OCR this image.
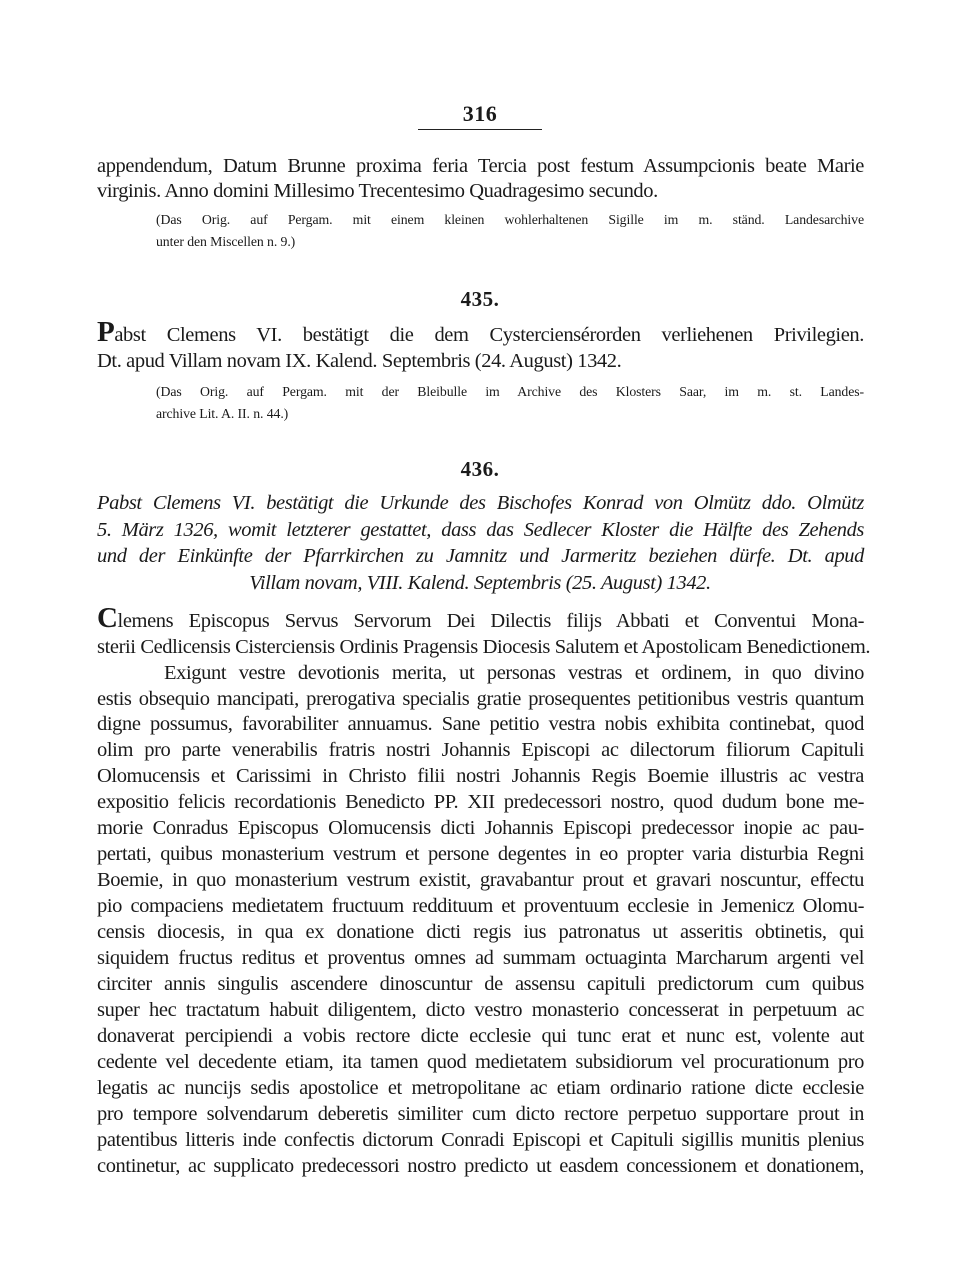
316
appendendum, Datum Brunne proxima feria Tercia post festum Assumpcionis beate Marie
virginis. Anno domini Millesimo Trecentesimo Quadragesimo secundo.
(Das Orig. auf Pergam. mit einem kleinen wohlerhaltenen Sigille im m. ständ. Landesarchive
unter den Miscellen n. 9.)
435.
Pabst Clemens VI. bestätigt die dem Cysterciensérorden verliehenen Privilegien.
Dt. apud Villam novam IX. Kalend. Septembris (24. August) 1342.
(Das Orig. auf Pergam. mit der Bleibulle im Archive des Klosters Saar, im m. st. Landes-
archive Lit. A. II. n. 44.)
436.
Pabst Clemens VI. bestätigt die Urkunde des Bischofes Konrad von Olmütz ddo. Olmütz
5. März 1326, womit letzterer gestattet, dass das Sedlecer Kloster die Hälfte des Zehends
und der Einkünfte der Pfarrkirchen zu Jamnitz und Jarmeritz beziehen dürfe. Dt. apud
Villam novam, VIII. Kalend. Septembris (25. August) 1342.
Clemens Episcopus Servus Servorum Dei Dilectis filijs Abbati et Conventui Mona-
sterii Cedlicensis Cisterciensis Ordinis Pragensis Diocesis Salutem et Apostolicam Benedictionem.
Exigunt vestre devotionis merita, ut personas vestras et ordinem, in quo divino
estis obsequio mancipati, prerogativa specialis gratie prosequentes petitionibus vestris quantum
digne possumus, favorabiliter annuamus. Sane petitio vestra nobis exhibita continebat, quod
olim pro parte venerabilis fratris nostri Johannis Episcopi ac dilectorum filiorum Capituli
Olomucensis et Carissimi in Christo filii nostri Johannis Regis Boemie illustris ac vestra
expositio felicis recordationis Benedicto PP. XII predecessori nostro, quod dudum bone me-
morie Conradus Episcopus Olomucensis dicti Johannis Episcopi predecessor inopie ac pau-
pertati, quibus monasterium vestrum et persone degentes in eo propter varia disturbia Regni
Boemie, in quo monasterium vestrum existit, gravabantur prout et gravari noscuntur, effectu
pio compaciens medietatem fructuum reddituum et proventuum ecclesie in Jemenicz Olomu-
censis diocesis, in qua ex donatione dicti regis ius patronatus ut asseritis obtinetis, qui
siquidem fructus reditus et proventus omnes ad summam octuaginta Marcharum argenti vel
circiter annis singulis ascendere dinoscuntur de assensu capituli predictorum cum quibus
super hec tractatum habuit diligentem, dicto vestro monasterio concesserat in perpetuum ac
donaverat percipiendi a vobis rectore dicte ecclesie qui tunc erat et nunc est, volente aut
cedente vel decedente etiam, ita tamen quod medietatem subsidiorum vel procurationum pro
legatis ac nuncijs sedis apostolice et metropolitane ac etiam ordinario ratione dicte ecclesie
pro tempore solvendarum deberetis similiter cum dicto rectore perpetuo supportare prout in
patentibus litteris inde confectis dictorum Conradi Episcopi et Capituli sigillis munitis plenius
continetur, ac supplicato predecessori nostro predicto ut easdem concessionem et donationem,
